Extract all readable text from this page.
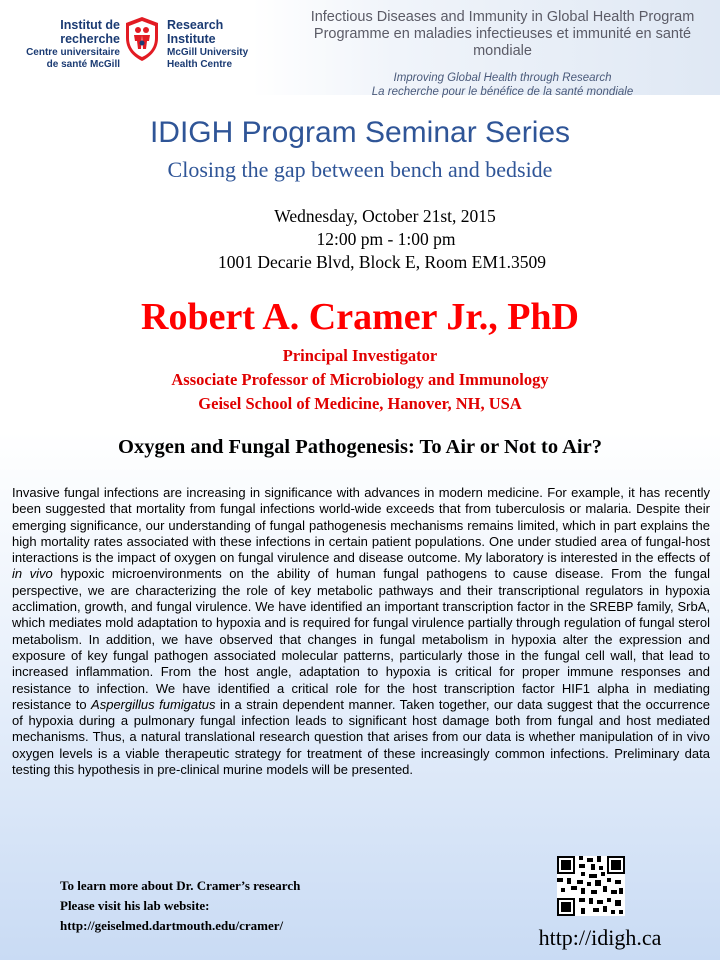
Institut de
recherche
Centre universitaire
de santé McGill
Research
Institute
McGill University
Health Centre
Infectious Diseases and Immunity in Global Health Program
Programme en maladies infectieuses et immunité en santé mondiale
Improving Global Health through Research
La recherche pour le bénéfice de la santé mondiale
IDIGH Program Seminar Series
Closing the gap between bench and bedside
Wednesday, October 21st, 2015
12:00 pm - 1:00 pm
1001 Decarie Blvd, Block E, Room EM1.3509
Robert A. Cramer Jr., PhD
Principal Investigator
Associate Professor of Microbiology and Immunology
Geisel School of Medicine, Hanover, NH, USA
Oxygen and Fungal Pathogenesis: To Air or Not to Air?
Invasive fungal infections are increasing in significance with advances in modern medicine. For example, it has recently been suggested that mortality from fungal infections world-wide exceeds that from tuberculosis or malaria. Despite their emerging significance, our understanding of fungal pathogenesis mechanisms remains limited, which in part explains the high mortality rates associated with these infections in certain patient populations. One under studied area of fungal-host interactions is the impact of oxygen on fungal virulence and disease outcome. My laboratory is interested in the effects of in vivo hypoxic microenvironments on the ability of human fungal pathogens to cause disease. From the fungal perspective, we are characterizing the role of key metabolic pathways and their transcriptional regulators in hypoxia acclimation, growth, and fungal virulence. We have identified an important transcription factor in the SREBP family, SrbA, which mediates mold adaptation to hypoxia and is required for fungal virulence partially through regulation of fungal sterol metabolism. In addition, we have observed that changes in fungal metabolism in hypoxia alter the expression and exposure of key fungal pathogen associated molecular patterns, particularly those in the fungal cell wall, that lead to increased inflammation. From the host angle, adaptation to hypoxia is critical for proper immune responses and resistance to infection. We have identified a critical role for the host transcription factor HIF1 alpha in mediating resistance to Aspergillus fumigatus in a strain dependent manner. Taken together, our data suggest that the occurrence of hypoxia during a pulmonary fungal infection leads to significant host damage both from fungal and host mediated mechanisms. Thus, a natural translational research question that arises from our data is whether manipulation of in vivo oxygen levels is a viable therapeutic strategy for treatment of these increasingly common infections. Preliminary data testing this hypothesis in pre-clinical murine models will be presented.
To learn more about Dr. Cramer’s research
Please visit his lab website:
http://geiselmed.dartmouth.edu/cramer/	http://idigh.ca
